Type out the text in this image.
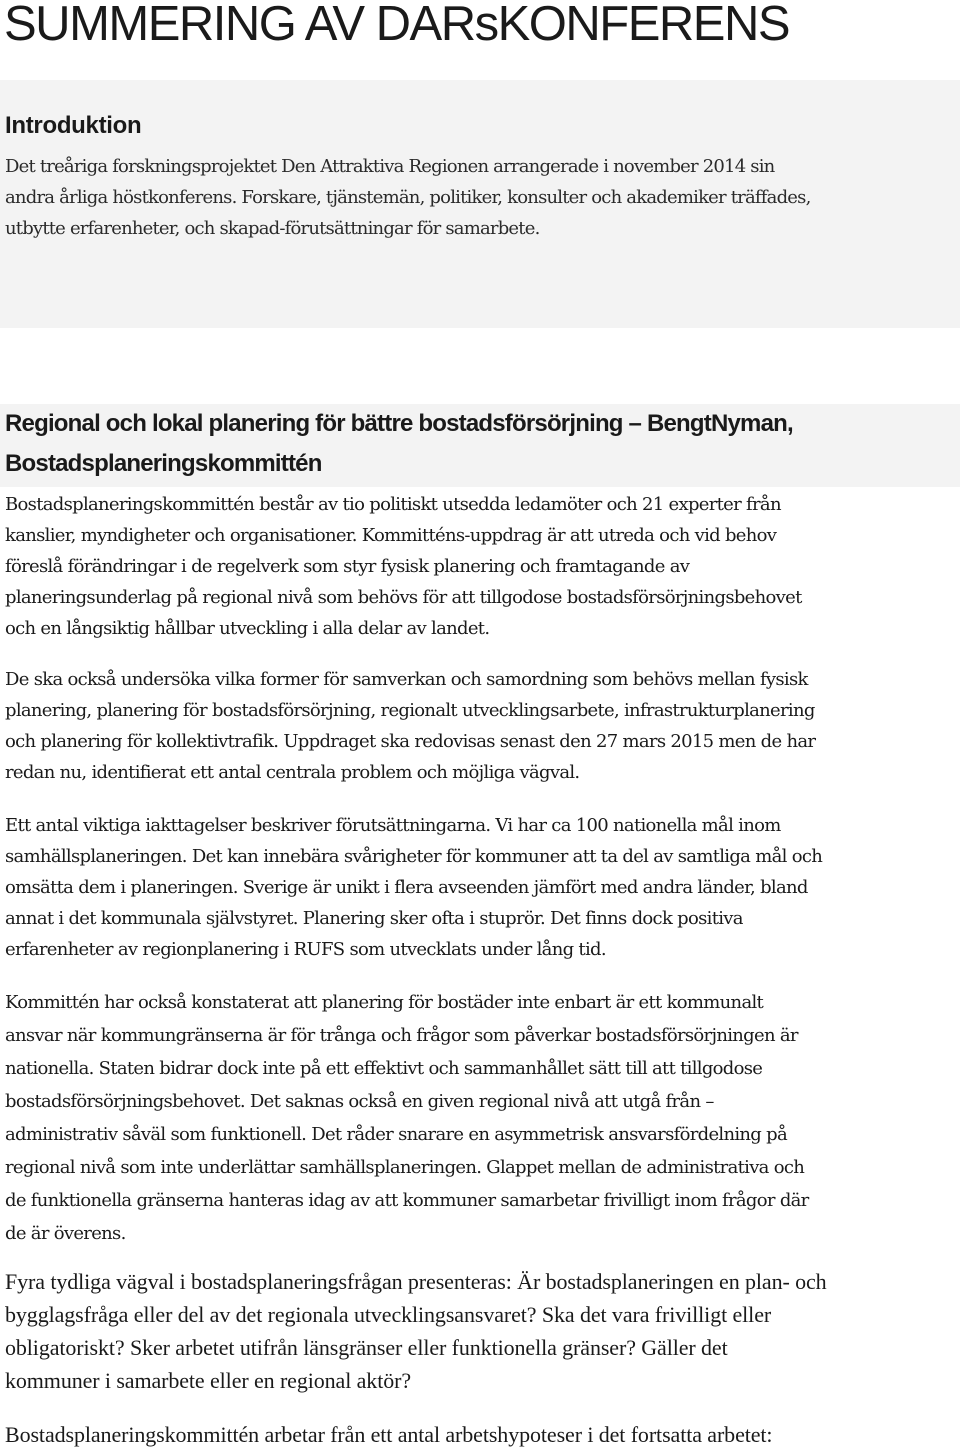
SUMMERING AV DARsKONFERENS
Introduktion

Det treåriga forskningsprojektet Den Attraktiva Regionen arrangerade i november 2014 sin
andra årliga höstkonferens. Forskare, tjänstemän, politiker, konsulter och akademiker träffades,
utbytte erfarenheter, och skapad-förutsättningar för samarbete.

Regional och lokal planering för bättre bostadsförsörjning – BengtNyman,
Bostadsplaneringskommittén

Bostadsplaneringskommittén består av tio politiskt utsedda ledamöter och 21 experter från
kanslier, myndigheter och organisationer. Kommitténs-uppdrag är att utreda och vid behov
föreslå förändringar i de regelverk som styr fysisk planering och framtagande av
planeringsunderlag på regional nivå som behövs för att tillgodose bostadsförsörjningsbehovet
och en långsiktig hållbar utveckling i alla delar av landet.

De ska också undersöka vilka former för samverkan och samordning som behövs mellan fysisk
planering, planering för bostadsförsörjning, regionalt utvecklingsarbete, infrastrukturplanering
och planering för kollektivtrafik. Uppdraget ska redovisas senast den 27 mars 2015 men de har
redan nu, identifierat ett antal centrala problem och möjliga vägval.

Ett antal viktiga iakttagelser beskriver förutsättningarna. Vi har ca 100 nationella mål inom
samhällsplaneringen. Det kan innebära svårigheter för kommuner att ta del av samtliga mål och
omsätta dem i planeringen. Sverige är unikt i flera avseenden jämfört med andra länder, bland
annat i det kommunala självstyret. Planering sker ofta i stuprör. Det finns dock positiva
erfarenheter av regionplanering i RUFS som utvecklats under lång tid.

Kommittén har också konstaterat att planering för bostäder inte enbart är ett kommunalt
ansvar när kommungränserna är för trånga och frågor som påverkar bostadsförsörjningen är
nationella. Staten bidrar dock inte på ett effektivt och sammanhållet sätt till att tillgodose
bostadsförsörjningsbehovet. Det saknas också en given regional nivå att utgå från –
administrativ såväl som funktionell. Det råder snarare en asymmetrisk ansvarsfördelning på
regional nivå som inte underlättar samhällsplaneringen. Glappet mellan de administrativa och
de funktionella gränserna hanteras idag av att kommuner samarbetar frivilligt inom frågor där
de är överens.

Fyra tydliga vägval i bostadsplaneringsfrågan presenteras: Är bostadsplaneringen en plan- och
bygglagsfråga eller del av det regionala utvecklingsansvaret? Ska det vara frivilligt eller
obligatoriskt? Sker arbetet utifrån länsgränser eller funktionella gränser? Gäller det
kommuner i samarbete eller en regional aktör?

Bostadsplaneringskommittén arbetar från ett antal arbetshypoteser i det fortsatta arbetet:
